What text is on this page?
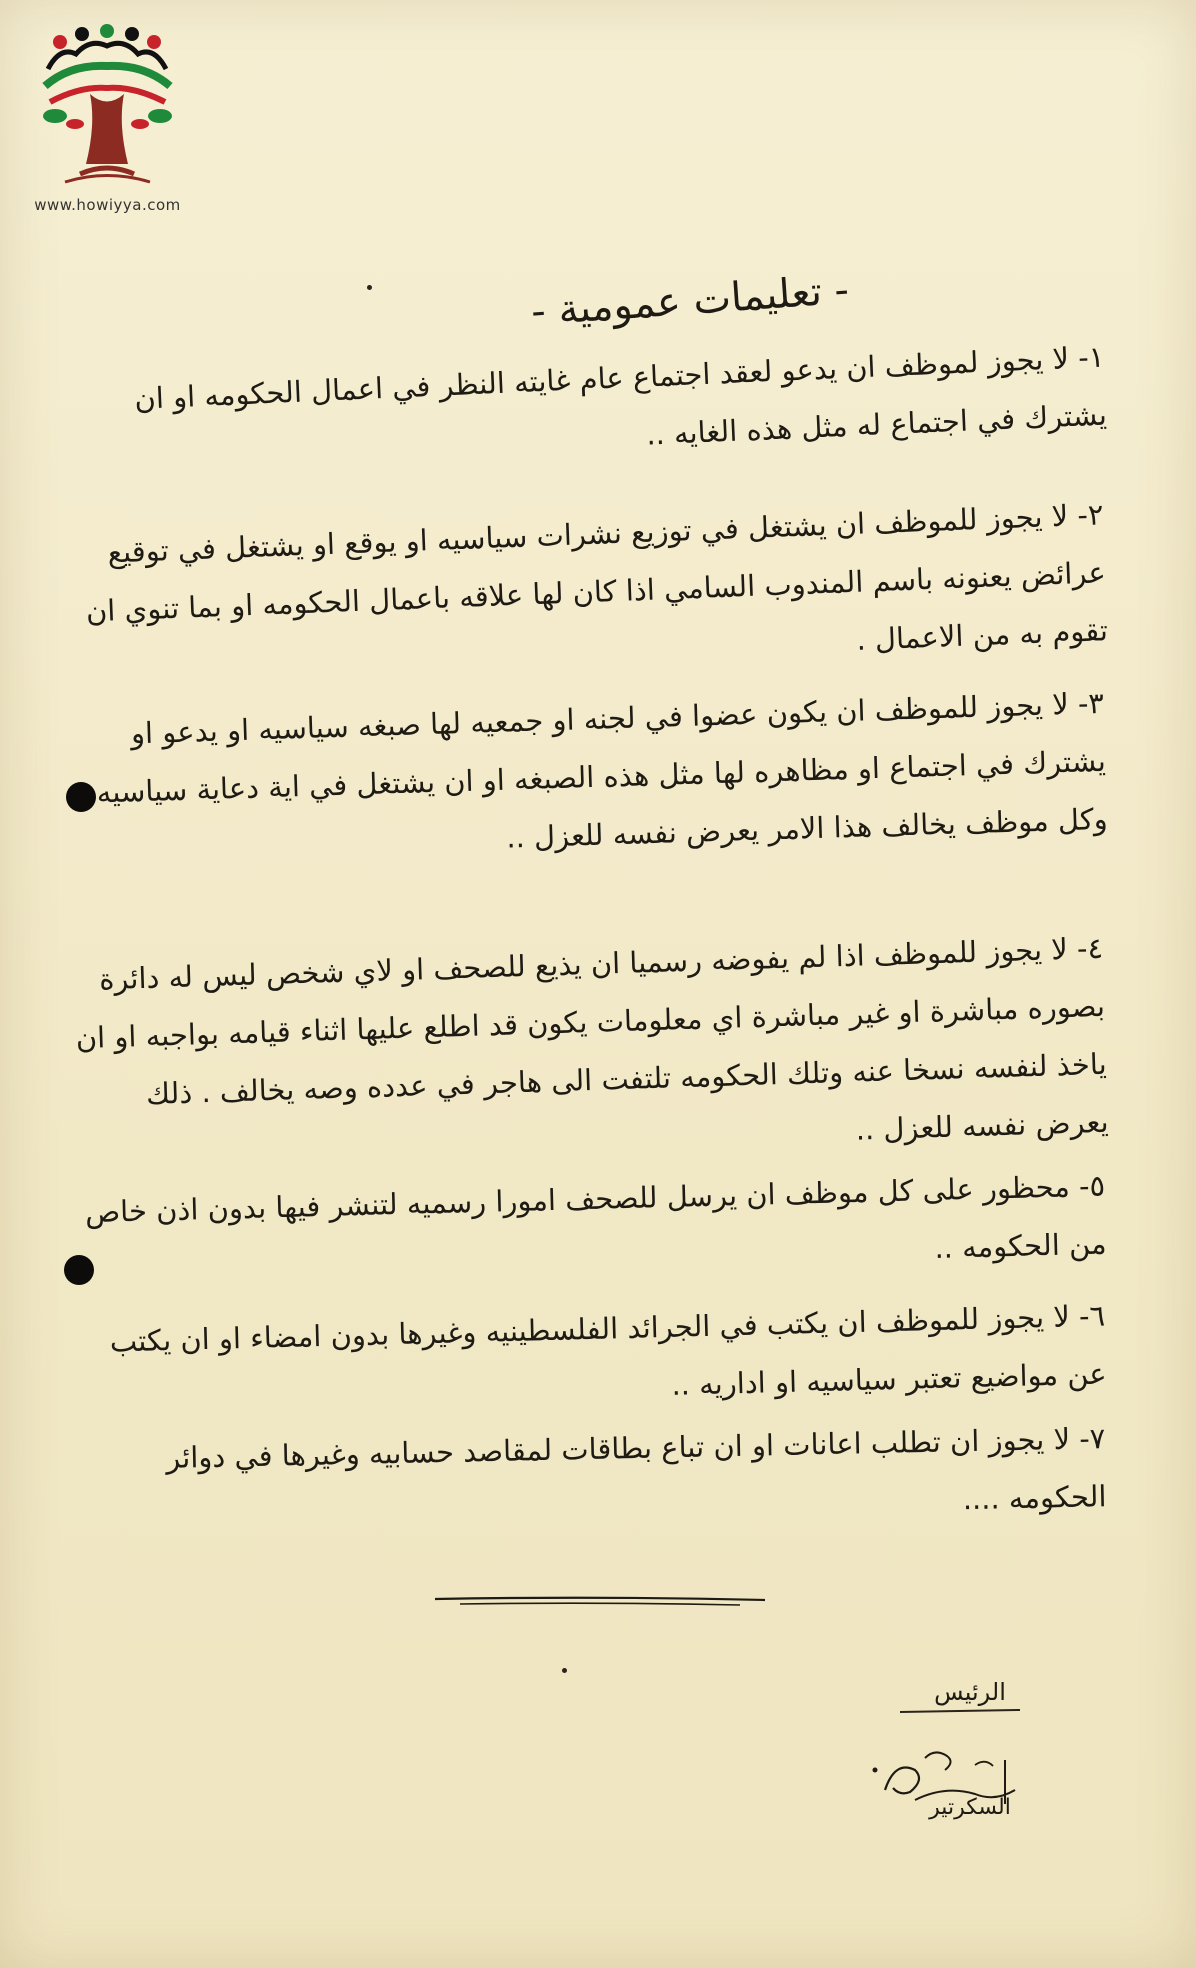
www.howiyya.com
- تعليمات عمومية -
١- لا يجوز لموظف ان يدعو لعقد اجتماع عام غايته النظر في اعمال الحكومه او ان يشترك في اجتماع له مثل هذه الغايه ..
٢- لا يجوز للموظف ان يشتغل في توزيع نشرات سياسيه او يوقع او يشتغل في توقيع عرائض يعنونه باسم المندوب السامي اذا كان لها علاقه باعمال الحكومه او بما تنوي ان تقوم به من الاعمال .
٣- لا يجوز للموظف ان يكون عضوا في لجنه او جمعيه لها صبغه سياسيه او يدعو او يشترك في اجتماع او مظاهره لها مثل هذه الصبغه او ان يشتغل في اية دعاية سياسيه وكل موظف يخالف هذا الامر يعرض نفسه للعزل ..
٤- لا يجوز للموظف اذا لم يفوضه رسميا ان يذيع للصحف او لاي شخص ليس له دائرة بصوره مباشرة او غير مباشرة اي معلومات يكون قد اطلع عليها اثناء قيامه بواجبه او ان ياخذ لنفسه نسخا عنه وتلك الحكومه تلتفت الى هاجر في عدده وصه يخالف . ذلك يعرض نفسه للعزل ..
٥- محظور على كل موظف ان يرسل للصحف امورا رسميه لتنشر فيها بدون اذن خاص من الحكومه ..
٦- لا يجوز للموظف ان يكتب في الجرائد الفلسطينيه وغيرها بدون امضاء او ان يكتب عن مواضيع تعتبر سياسيه او اداريه ..
٧- لا يجوز ان تطلب اعانات او ان تباع بطاقات لمقاصد حسابيه وغيرها في دوائر الحكومه ....
الرئيس
السكرتير
